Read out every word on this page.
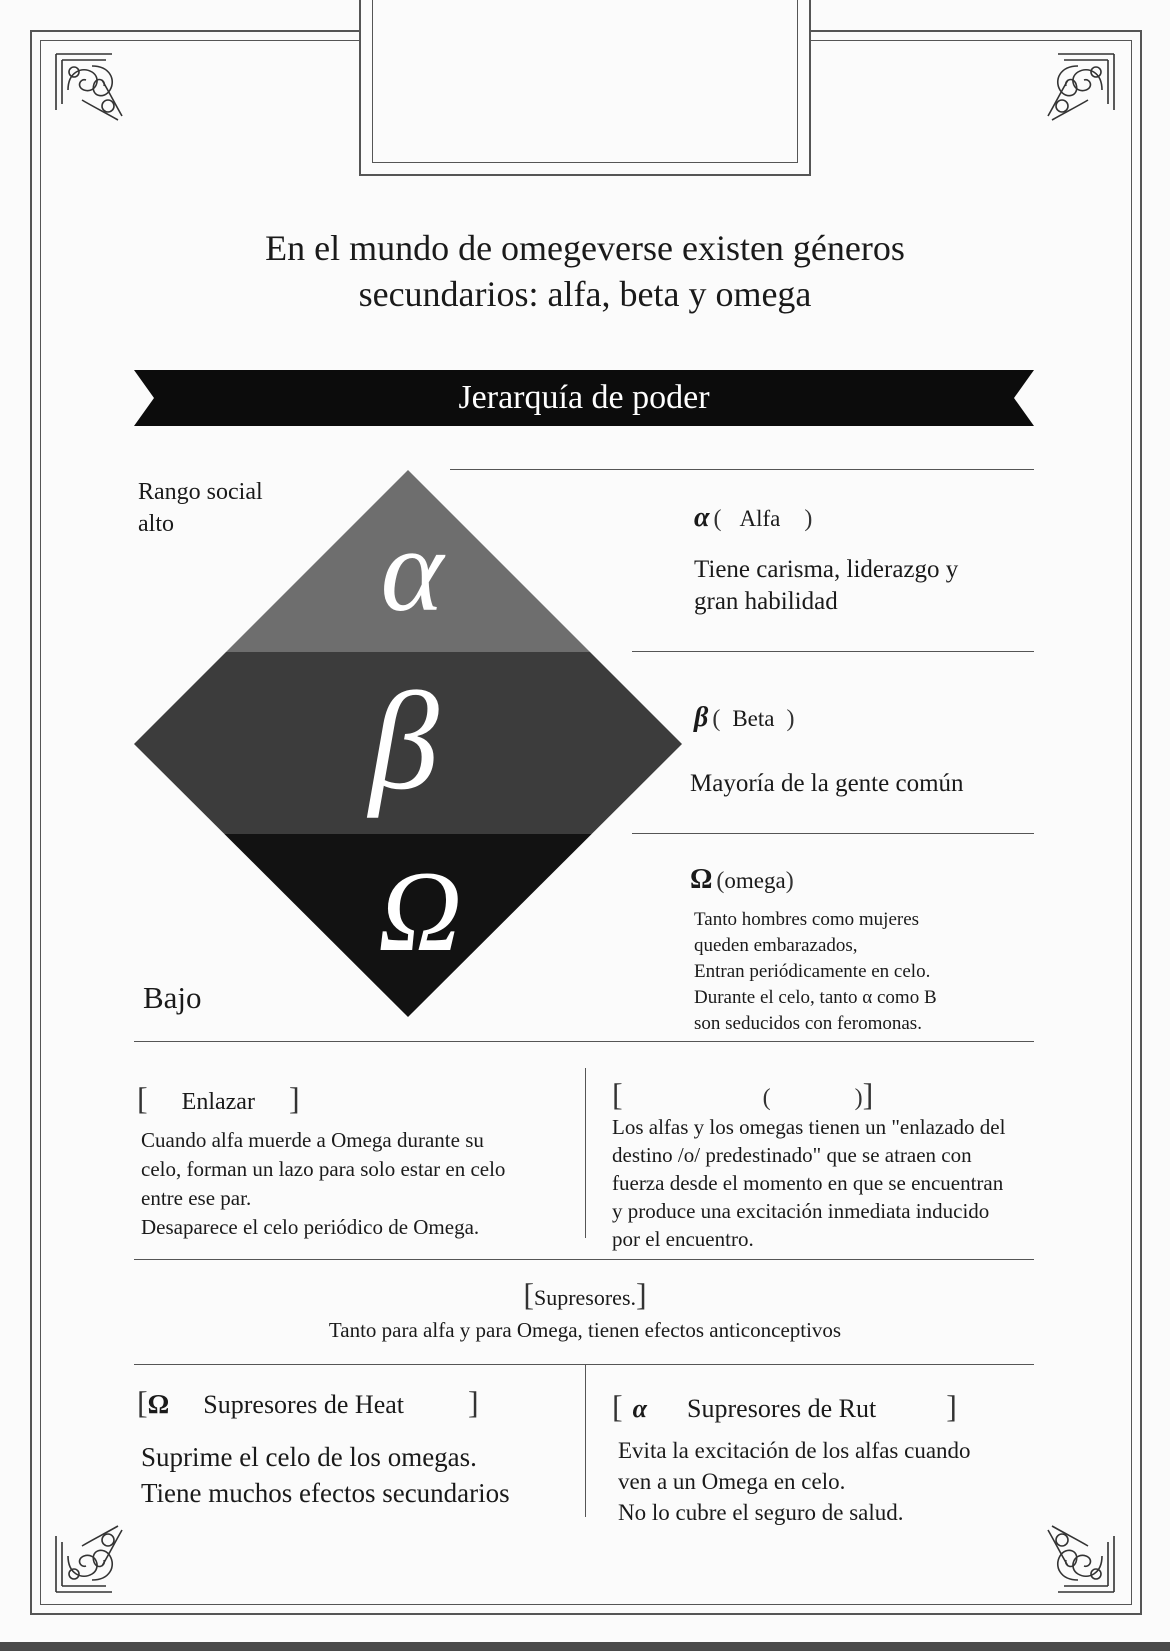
En el mundo de omegeverse existen géneros
secundarios: alfa, beta y omega
Jerarquía de poder
Rango social alto
Bajo
α
β
Ω
α (   Alfa    )
Tiene carisma, liderazgo y gran habilidad
β (  Beta  )
Mayoría de la gente común
Ω (omega)
Tanto hombres como mujeres
queden embarazados,
Entran periódicamente en celo.
Durante el celo, tanto α como B
son seducidos con feromonas.
[ Enlazar ]
Cuando alfa muerde a Omega durante su
celo, forman un lazo para solo estar en celo
entre ese par.
Desaparece el celo periódico de Omega.
[	(	)]
Los alfas y los omegas tienen un "enlazado del
destino /o/ predestinado" que se atraen con
fuerza desde el momento en que se encuentran
y produce una excitación inmediata inducido
por el encuentro.
[Supresores.]
Tanto para alfa y para Omega, tienen efectos anticonceptivos
[Ω Supresores de Heat ]
Suprime el celo de los omegas.
Tiene muchos efectos secundarios
[ α Supresores de Rut ]
Evita la excitación de los alfas cuando
ven a un Omega en celo.
No lo cubre el seguro de salud.
